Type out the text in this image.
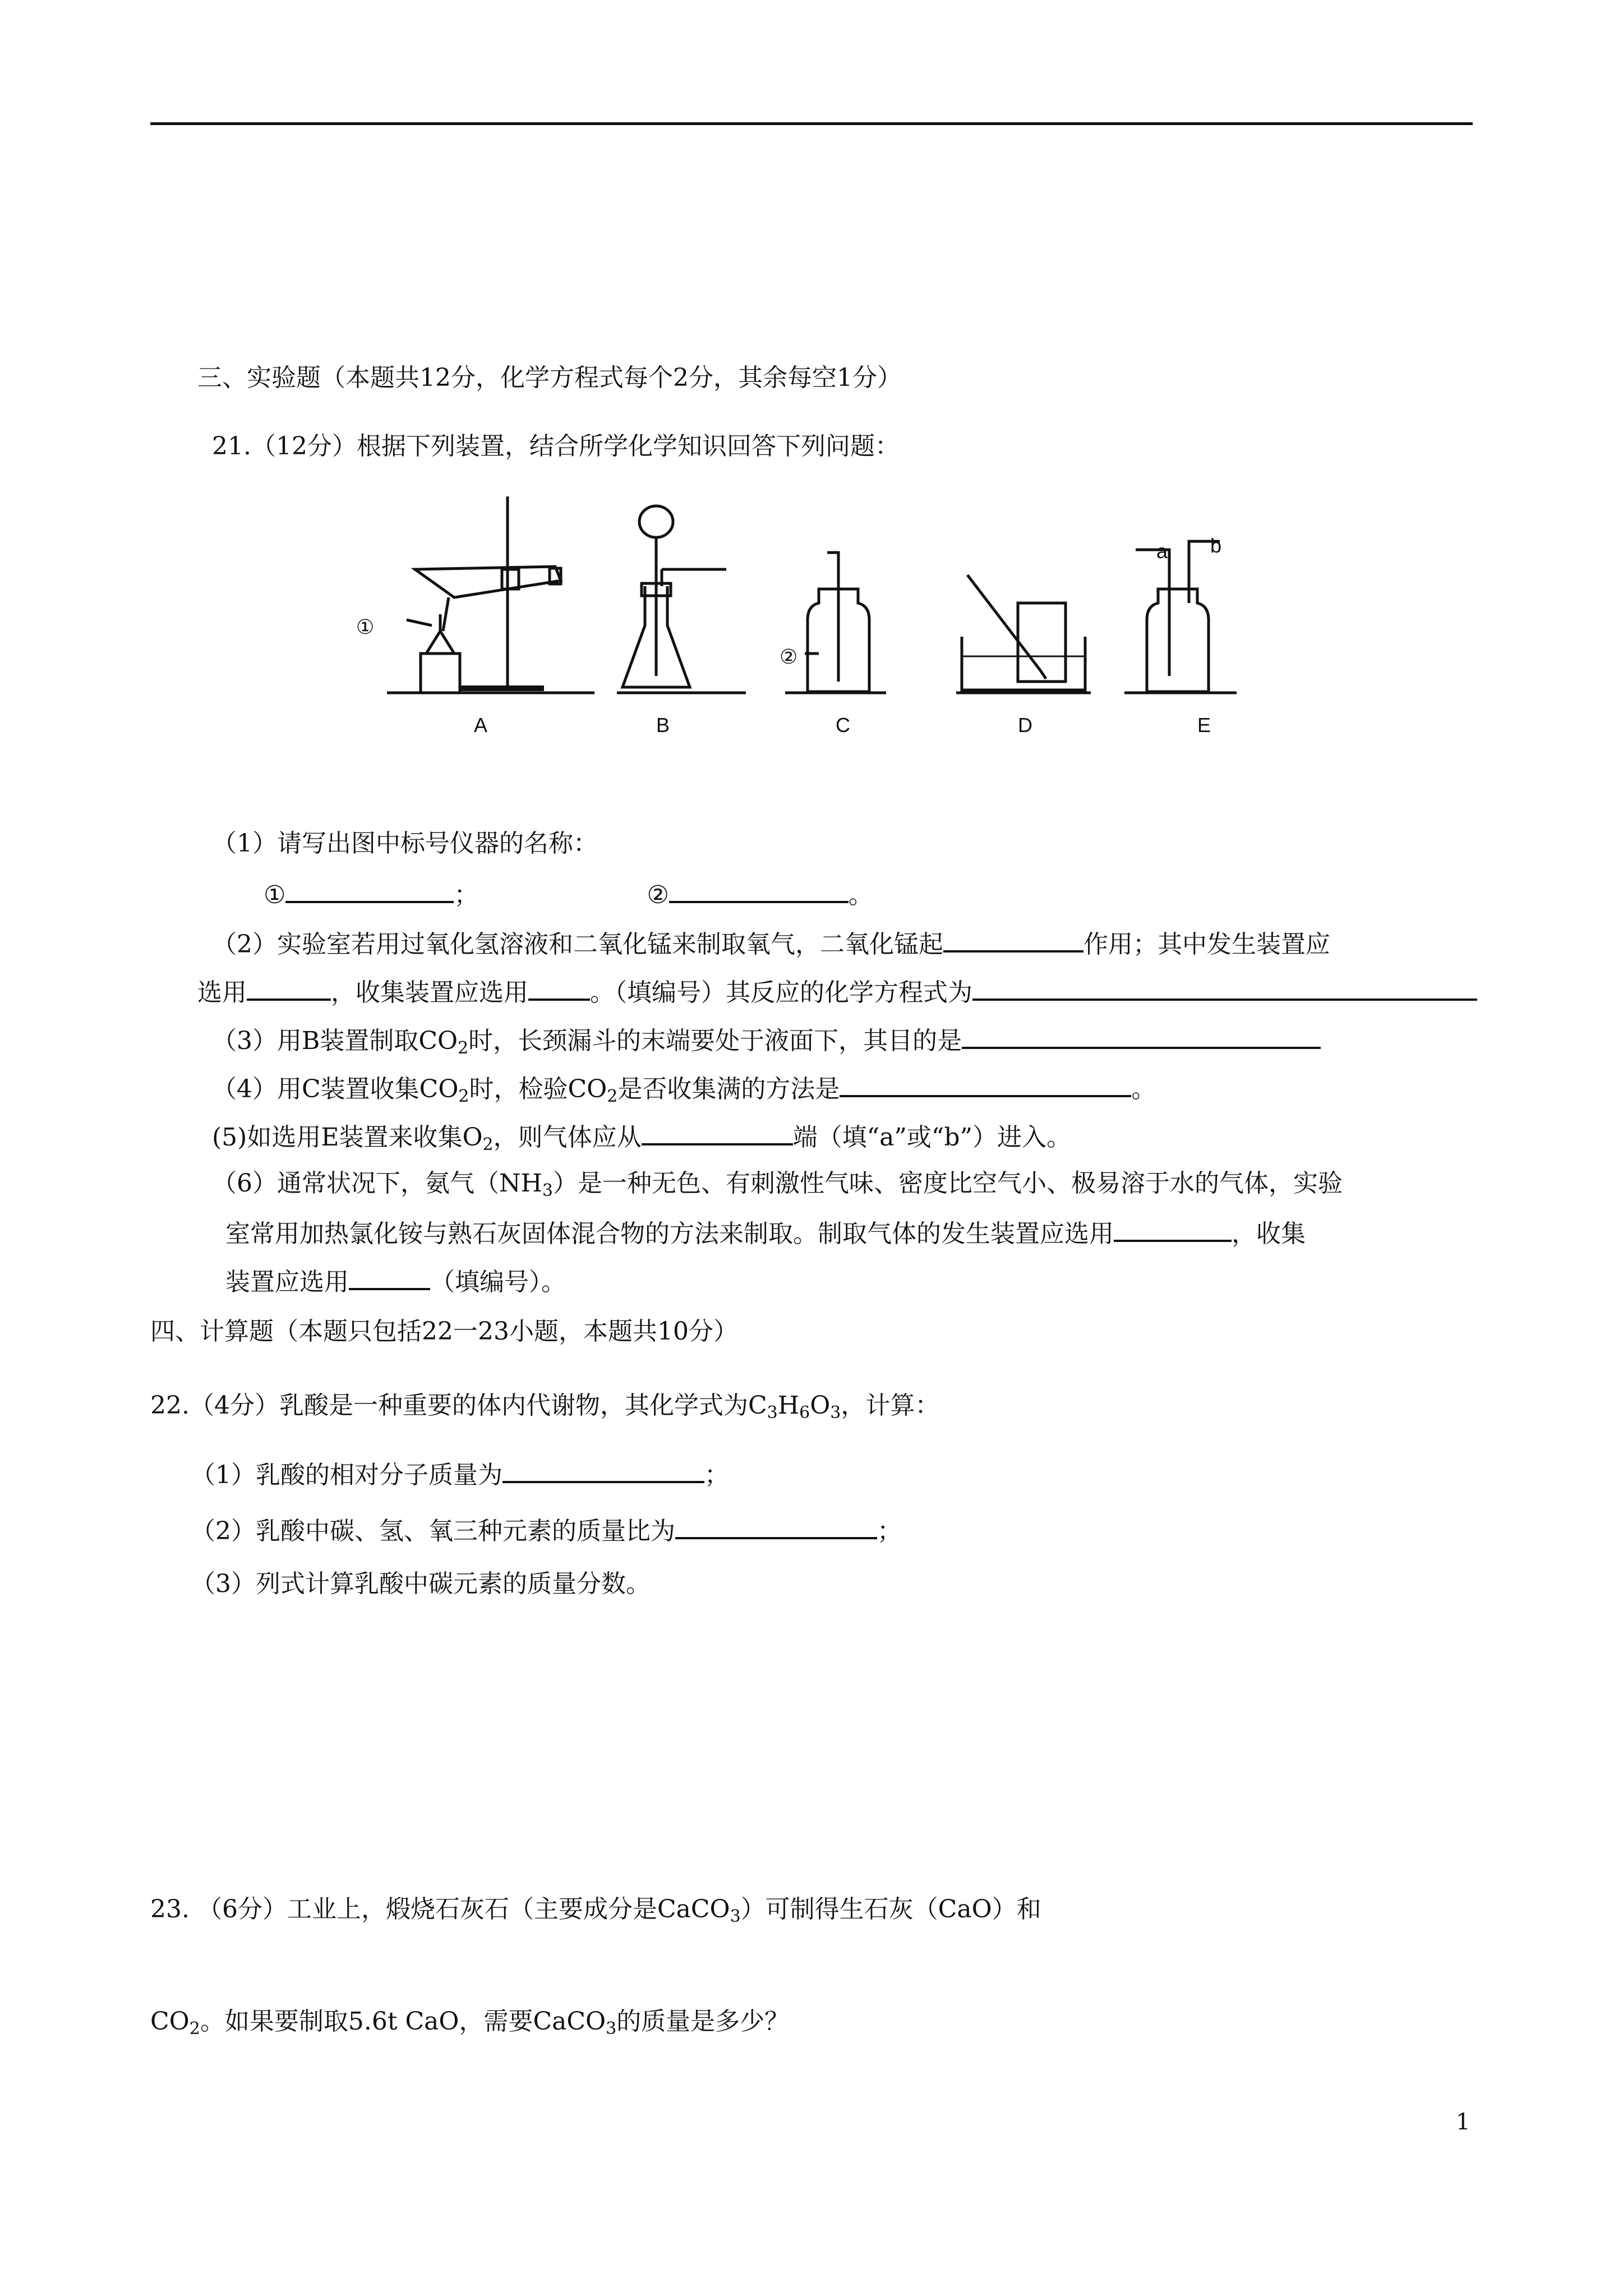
三、实验题（本题共12分，化学方程式每个2分，其余每空1分）
21.（12分）根据下列装置，结合所学化学知识回答下列问题：
A	B	C	D	E
①
②
a b
（1）请写出图中标号仪器的名称：
①	；	②	。
（2）实验室若用过氧化氢溶液和二氧化锰来制取氧气，二氧化锰起	作用；其中发生装置应
选用	，收集装置应选用	。（填编号）其反应的化学方程式为
（3）用B装置制取$CO_2$时，长颈漏斗的末端要处于液面下，其目的是
（4）用C装置收集$CO_2$时，检验$CO_2$是否收集满的方法是	。
(5)如选用E装置来收集$O_2$，则气体应从	端（填“a”或“b”）进入。
（6）通常状况下，氨气$(NH_3)$是一种无色、有刺激性气味、密度比空气小、极易溶于水的气体，实验
室常用加热氯化铵与熟石灰固体混合物的方法来制取。制取气体的发生装置应选用	，收集
装置应选用	（填编号）。
四、计算题（本题只包括22一23小题，本题共10分）
22.（4分）乳酸是一种重要的体内代谢物，其化学式为$C_3H_6O_3$，计算：
（1）乳酸的相对分子质量为	；
（2）乳酸中碳、氢、氧三种元素的质量比为	；
（3）列式计算乳酸中碳元素的质量分数。
23. （6分）工业上，煅烧石灰石（主要成分是CaCO$_3$）可制得生石灰（CaO）和
$CO_2$。如果要制取5.6t CaO，需要CaCO$_3$的质量是多少？
1
